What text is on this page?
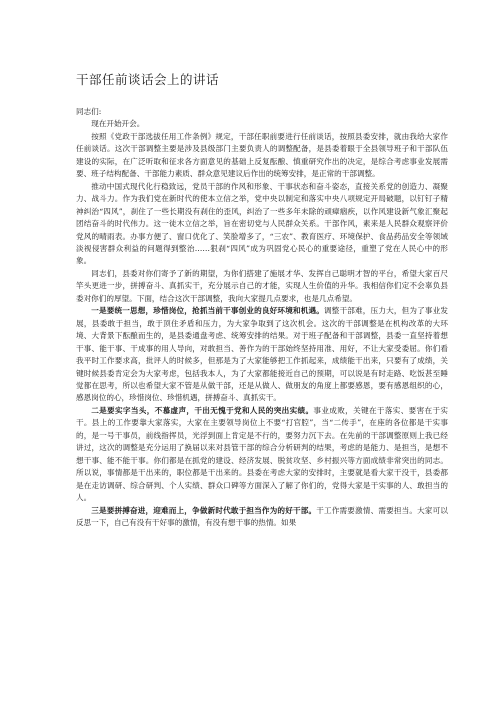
干部任前谈话会上的讲话

同志们:

现在开始开会。

按照《党政干部选拔任用工作条例》规定，干部任职前要进行任前谈话，按照县委安排，就由我给大家作任前谈话。这次干部调整主要是涉及县级部门主要负责人的调整配备，是县委着眼于全县领导班子和干部队伍建设的实际，在广泛听取和征求各方面意见的基础上反复酝酿、慎重研究作出的决定，是综合考虑事业发展需要、班子结构配备、干部能力素质、群众意见建议后作出的统筹安排，是正常的干部调整。

推动中国式现代化行稳致远，党员干部的作风和形象、干事状态和奋斗姿态，直接关系党的创造力、凝聚力、战斗力。作为我们党在新时代的使本立信之举，党中央以制定和落实中央八项规定开局破题，以钉钉子精神纠治“四风”，刹住了一些长期没有刹住的歪风，纠治了一些多年未除的顽瘴痼疾，以作风建设新气象汇聚起团结奋斗的时代伟力。这一徒木立信之举，旨在密切党与人民群众关系。干部作风，素来是人民群众观察评价党风的晴雨表。办事方便了、窗口优化了、笑脸增多了，“三农”、教育医疗、环境保护、食品药品安全等领域淡视侵害群众利益的问题得到整治……狠刹“四风”成为巩固党心民心的重要途径，重塑了党在人民心中的形象。

同志们，县委对你们寄予了新的期望，为你们搭建了施展才华、发挥自己聪明才智的平台，希望大家百尺竿头更进一步，拼搏奋斗、真抓实干，充分展示自己的才能，实现人生价值的升华。我相信你们定不会辜负县委对你们的厚望。下面，结合这次干部调整，我向大家提几点要求，也是几点希望。

一是要统一思想，珍惜岗位，抢抓当前干事创业的良好环境和机遇。调整干部难，压力大，但为了事业发展，县委敢于担当，敢于顶住矛盾和压力，为大家争取到了这次机会。这次的干部调整是在机构改革的大环境、大背景下酝酿而生的，是县委通盘考虑、统筹安排的结果。对于班子配备和干部调整，县委一直坚持着想干事、能干事、干成事的用人导向，对敢担当、善作为的干部始终坚持用准、用好，不让大家受委屈。你们看我平时工作要求高，批评人的时候多，但那是为了大家能够把工作抓起来，成绩能干出来，只要有了成绩，关键时候县委肯定会为大家考虑，包括我本人，为了大家都能接近自己的预期，可以说是有时走路、吃饭甚至睡觉都在思考，所以也希望大家不管是从做干部，还是从做人、做朋友的角度上都要感恩，要有感恩组织的心，感恩岗位的心，珍惜岗位、珍惜机遇，拼搏奋斗、真抓实干。

二是要实字当头，不慕虚声，干出无愧于党和人民的突出实绩。事业成败，关键在于落实、要害在于实干。县上的工作要靠大家落实，大家在主要领导岗位上不要“打官腔”，当“二传手”，在座的各位都是干实事的，是一号干事员，前线指挥员，光浮到面上肯定是不行的，要努力沉下去。在先前的干部调整原则上我已经讲过，这次的调整是充分运用了换届以来对县管干部的综合分析研判的结果，考虑的是能力、是担当，是想不想干事、能不能干事。你们都是在抓党的建设、经济发展、脱贫攻坚、乡村振兴等方面成绩非常突出的同志。所以说，事情都是干出来的，职位都是干出来的。县委在考虑大家的安排时，主要就是看大家干没干，县委都是在走访调研、综合研判、个人实绩、群众口碑等方面深入了解了你们的，党得大家是干实事的人、敢担当的人。

三是要拼搏奋进，迎难而上，争做新时代敢于担当作为的好干部。干工作需要激情、需要担当。大家可以反思一下，自己有没有干好事的激情，有没有想干事的热情。如果
